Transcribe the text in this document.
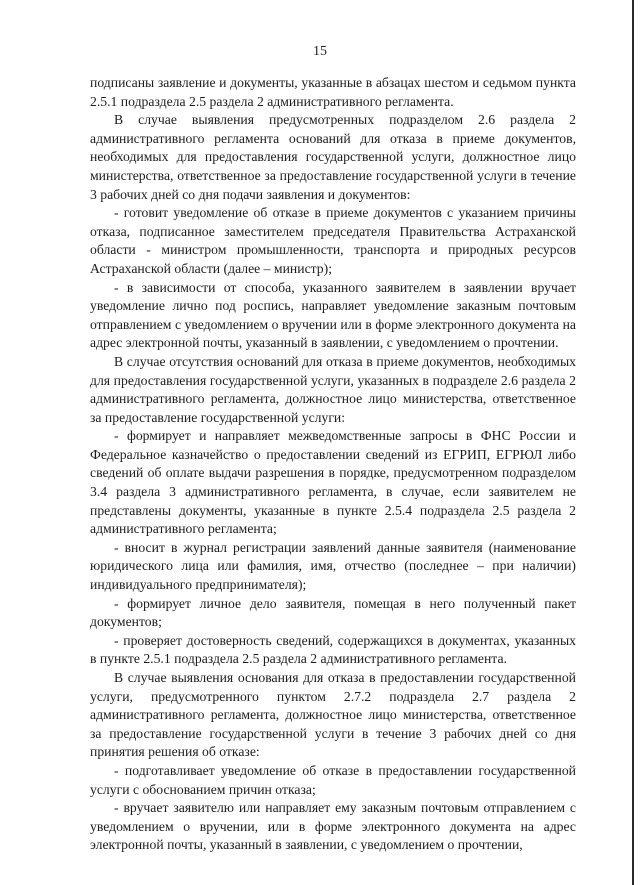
15

подписаны заявление и документы, указанные в абзацах шестом и седьмом пункта 2.5.1 подраздела 2.5 раздела 2 административного регламента.

В случае выявления предусмотренных подразделом 2.6 раздела 2 административного регламента оснований для отказа в приеме документов, необходимых для предоставления государственной услуги, должностное лицо министерства, ответственное за предоставление государственной услуги в течение 3 рабочих дней со дня подачи заявления и документов:

- готовит уведомление об отказе в приеме документов с указанием причины отказа, подписанное заместителем председателя Правительства Астраханской области - министром промышленности, транспорта и природных ресурсов Астраханской области (далее – министр);

- в зависимости от способа, указанного заявителем в заявлении вручает уведомление лично под роспись, направляет уведомление заказным почтовым отправлением с уведомлением о вручении или в форме электронного документа на адрес электронной почты, указанный в заявлении, с уведомлением о прочтении.

В случае отсутствия оснований для отказа в приеме документов, необходимых для предоставления государственной услуги, указанных в подразделе 2.6 раздела 2 административного регламента, должностное лицо министерства, ответственное за предоставление государственной услуги:

- формирует и направляет межведомственные запросы в ФНС России и Федеральное казначейство о предоставлении сведений из ЕГРИП, ЕГРЮЛ либо сведений об оплате выдачи разрешения в порядке, предусмотренном подразделом 3.4 раздела 3 административного регламента, в случае, если заявителем не представлены документы, указанные в пункте 2.5.4 подраздела 2.5 раздела 2 административного регламента;

- вносит в журнал регистрации заявлений данные заявителя (наименование юридического лица или фамилия, имя, отчество (последнее – при наличии) индивидуального предпринимателя);

- формирует личное дело заявителя, помещая в него полученный пакет документов;

- проверяет достоверность сведений, содержащихся в документах, указанных в пункте 2.5.1 подраздела 2.5 раздела 2 административного регламента.

В случае выявления основания для отказа в предоставлении государственной услуги, предусмотренного пунктом 2.7.2 подраздела 2.7 раздела 2 административного регламента, должностное лицо министерства, ответственное за предоставление государственной услуги в течение 3 рабочих дней со дня принятия решения об отказе:

- подготавливает уведомление об отказе в предоставлении государственной услуги с обоснованием причин отказа;

- вручает заявителю или направляет ему заказным почтовым отправлением с уведомлением о вручении, или в форме электронного документа на адрес электронной почты, указанный в заявлении, с уведомлением о прочтении,
